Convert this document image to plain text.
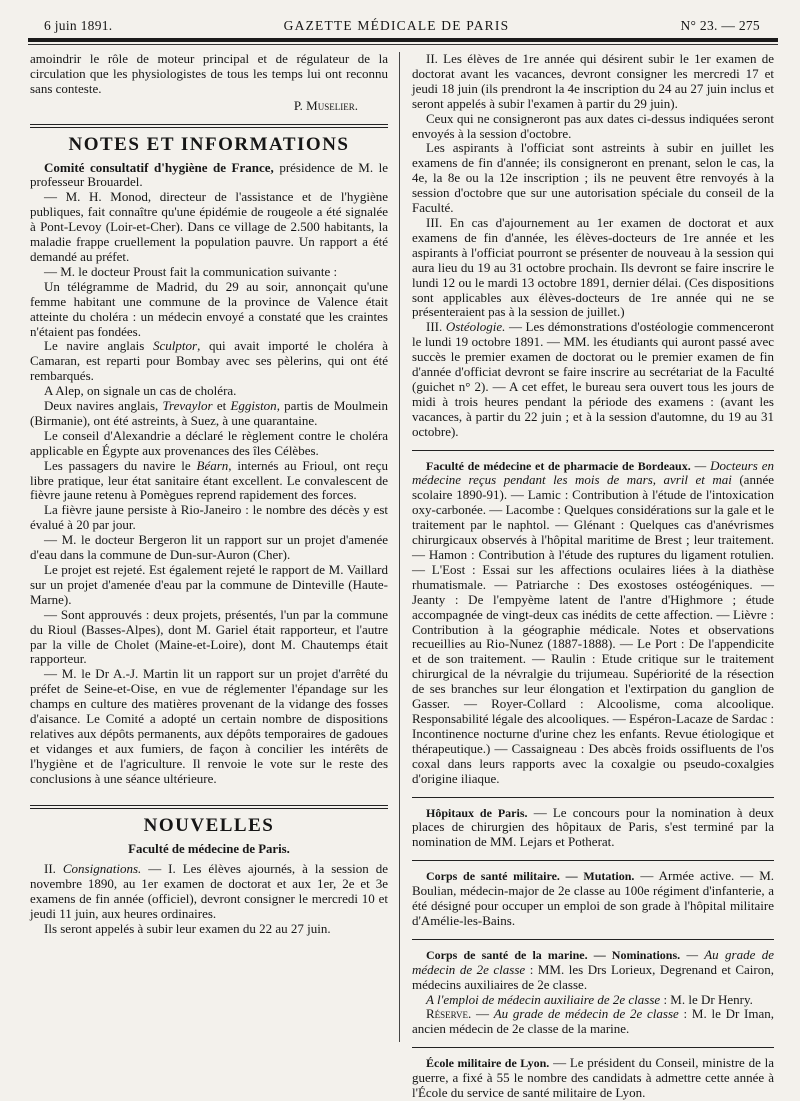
6 juin 1891.	GAZETTE MÉDICALE DE PARIS	N° 23. — 275

amoindrir le rôle de moteur principal et de régulateur de la circulation que les physiologistes de tous les temps lui ont reconnu sans conteste.

P. Muselier.
NOTES ET INFORMATIONS

Comité consultatif d'hygiène de France, présidence de M. le professeur Brouardel.

— M. H. Monod, directeur de l'assistance et de l'hygiène publiques, fait connaître qu'une épidémie de rougeole a été signalée à Pont-Levoy (Loir-et-Cher). Dans ce village de 2.500 habitants, la maladie frappe cruellement la population pauvre. Un rapport a été demandé au préfet.

— M. le docteur Proust fait la communication suivante :

Un télégramme de Madrid, du 29 au soir, annonçait qu'une femme habitant une commune de la province de Valence était atteinte du choléra : un médecin envoyé a constaté que les craintes n'étaient pas fondées.

Le navire anglais Sculptor, qui avait importé le choléra à Camaran, est reparti pour Bombay avec ses pèlerins, qui ont été rembarqués.

A Alep, on signale un cas de choléra.

Deux navires anglais, Trevaylor et Eggiston, partis de Moulmein (Birmanie), ont été astreints, à Suez, à une quarantaine.

Le conseil d'Alexandrie a déclaré le règlement contre le choléra applicable en Égypte aux provenances des îles Célèbes.

Les passagers du navire le Béarn, internés au Frioul, ont reçu libre pratique, leur état sanitaire étant excellent. Le convalescent de fièvre jaune retenu à Pomègues reprend rapidement des forces.

La fièvre jaune persiste à Rio-Janeiro : le nombre des décès y est évalué à 20 par jour.

— M. le docteur Bergeron lit un rapport sur un projet d'amenée d'eau dans la commune de Dun-sur-Auron (Cher).

Le projet est rejeté. Est également rejeté le rapport de M. Vaillard sur un projet d'amenée d'eau par la commune de Dinteville (Haute-Marne).

— Sont approuvés : deux projets, présentés, l'un par la commune du Rioul (Basses-Alpes), dont M. Gariel était rapporteur, et l'autre par la ville de Cholet (Maine-et-Loire), dont M. Chautemps était rapporteur.

— M. le Dr A.-J. Martin lit un rapport sur un projet d'arrêté du préfet de Seine-et-Oise, en vue de réglementer l'épandage sur les champs en culture des matières provenant de la vidange des fosses d'aisance. Le Comité a adopté un certain nombre de dispositions relatives aux dépôts permanents, aux dépôts temporaires de gadoues et vidanges et aux fumiers, de façon à concilier les intérêts de l'hygiène et de l'agriculture. Il renvoie le vote sur le reste des conclusions à une séance ultérieure.

NOUVELLES
Faculté de médecine de Paris.

II. Consignations. — I. Les élèves ajournés, à la session de novembre 1890, au 1er examen de doctorat et aux 1er, 2e et 3e examens de fin année (officiel), devront consigner le mercredi 10 et jeudi 11 juin, aux heures ordinaires.

Ils seront appelés à subir leur examen du 22 au 27 juin.

II. Les élèves de 1re année qui désirent subir le 1er examen de doctorat avant les vacances, devront consigner les mercredi 17 et jeudi 18 juin (ils prendront la 4e inscription du 24 au 27 juin inclus et seront appelés à subir l'examen à partir du 29 juin).

Ceux qui ne consigneront pas aux dates ci-dessus indiquées seront envoyés à la session d'octobre.

Les aspirants à l'officiat sont astreints à subir en juillet les examens de fin d'année; ils consigneront en prenant, selon le cas, la 4e, la 8e ou la 12e inscription ; ils ne peuvent être renvoyés à la session d'octobre que sur une autorisation spéciale du conseil de la Faculté.

III. En cas d'ajournement au 1er examen de doctorat et aux examens de fin d'année, les élèves-docteurs de 1re année et les aspirants à l'officiat pourront se présenter de nouveau à la session qui aura lieu du 19 au 31 octobre prochain. Ils devront se faire inscrire le lundi 12 ou le mardi 13 octobre 1891, dernier délai. (Ces dispositions sont applicables aux élèves-docteurs de 1re année qui ne se présenteraient pas à la session de juillet.)

III. Ostéologie. — Les démonstrations d'ostéologie commenceront le lundi 19 octobre 1891. — MM. les étudiants qui auront passé avec succès le premier examen de doctorat ou le premier examen de fin d'année d'officiat devront se faire inscrire au secrétariat de la Faculté (guichet n° 2). — A cet effet, le bureau sera ouvert tous les jours de midi à trois heures pendant la période des examens : (avant les vacances, à partir du 22 juin ; et à la session d'automne, du 19 au 31 octobre).

Faculté de médecine et de pharmacie de Bordeaux. — Docteurs en médecine reçus pendant les mois de mars, avril et mai (année scolaire 1890-91). — Lamic : Contribution à l'étude de l'intoxication oxy-carbonée. — Lacombe : Quelques considérations sur la gale et le traitement par le naphtol. — Glénant : Quelques cas d'anévrismes chirurgicaux observés à l'hôpital maritime de Brest ; leur traitement. — Hamon : Contribution à l'étude des ruptures du ligament rotulien. — L'Eost : Essai sur les affections oculaires liées à la diathèse rhumatismale. — Patriarche : Des exostoses ostéogéniques. — Jeanty : De l'empyème latent de l'antre d'Highmore ; étude accompagnée de vingt-deux cas inédits de cette affection. — Lièvre : Contribution à la géographie médicale. Notes et observations recueillies au Rio-Nunez (1887-1888). — Le Port : De l'appendicite et de son traitement. — Raulin : Etude critique sur le traitement chirurgical de la névralgie du trijumeau. Supériorité de la résection de ses branches sur leur élongation et l'extirpation du ganglion de Gasser. — Royer-Collard : Alcoolisme, coma alcoolique. Responsabilité légale des alcooliques. — Espéron-Lacaze de Sardac : Incontinence nocturne d'urine chez les enfants. Revue étiologique et thérapeutique.) — Cassaigneau : Des abcès froids ossifluents de l'os coxal dans leurs rapports avec la coxalgie ou pseudo-coxalgies d'origine iliaque.

Hôpitaux de Paris. — Le concours pour la nomination à deux places de chirurgien des hôpitaux de Paris, s'est terminé par la nomination de MM. Lejars et Potherat.

Corps de santé militaire. — Mutation. — Armée active. — M. Boulian, médecin-major de 2e classe au 100e régiment d'infanterie, a été désigné pour occuper un emploi de son grade à l'hôpital militaire d'Amélie-les-Bains.

Corps de santé de la marine. — Nominations. — Au grade de médecin de 2e classe : MM. les Drs Lorieux, Degrenand et Cairon, médecins auxiliaires de 2e classe.

A l'emploi de médecin auxiliaire de 2e classe : M. le Dr Henry.

Réserve. — Au grade de médecin de 2e classe : M. le Dr Iman, ancien médecin de 2e classe de la marine.

École militaire de Lyon. — Le président du Conseil, ministre de la guerre, a fixé à 55 le nombre des candidats à admettre cette année à l'École du service de santé militaire de Lyon.
